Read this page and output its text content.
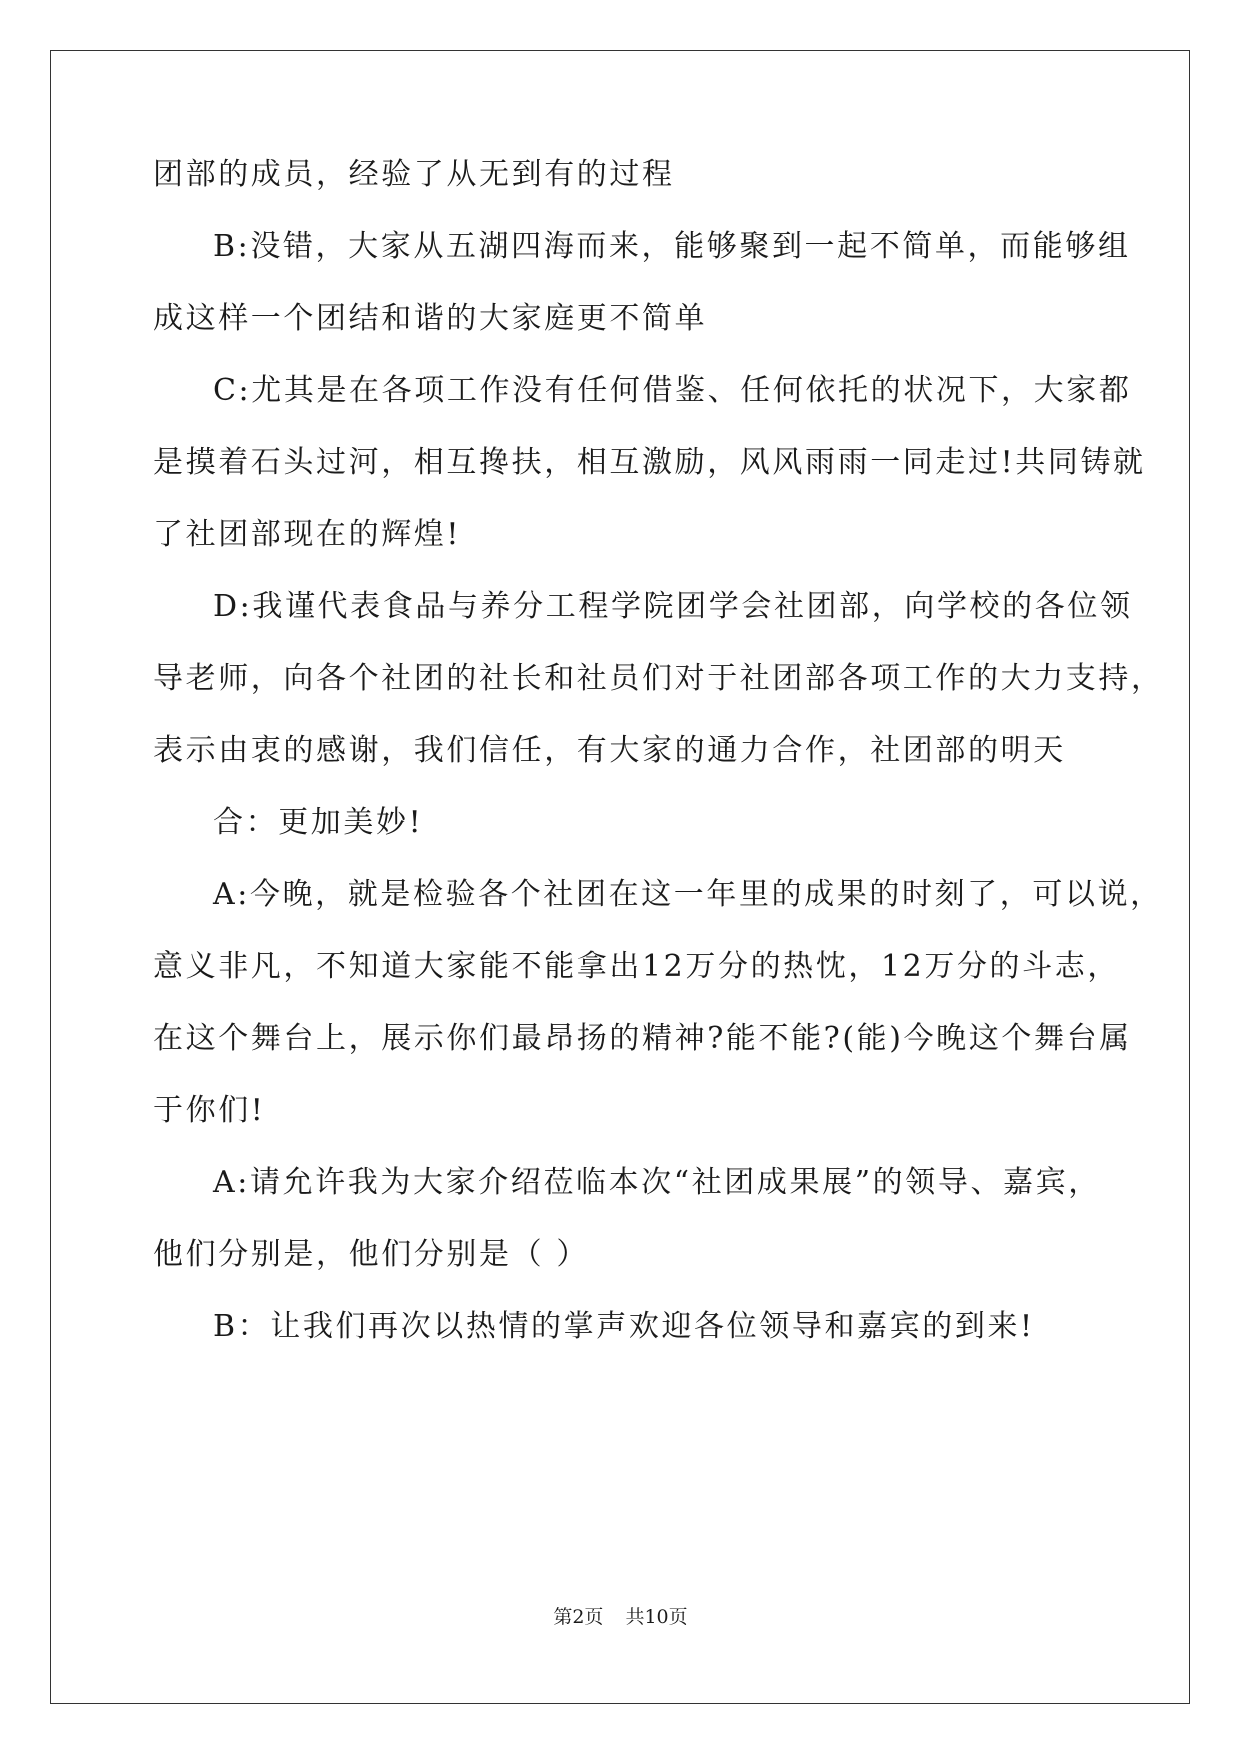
团部的成员，经验了从无到有的过程
B:没错，大家从五湖四海而来，能够聚到一起不简单，而能够组
成这样一个团结和谐的大家庭更不简单
C:尤其是在各项工作没有任何借鉴、任何依托的状况下，大家都
是摸着石头过河，相互搀扶，相互激励，风风雨雨一同走过!共同铸就
了社团部现在的辉煌!
D:我谨代表食品与养分工程学院团学会社团部，向学校的各位领
导老师，向各个社团的社长和社员们对于社团部各项工作的大力支持，
表示由衷的感谢，我们信任，有大家的通力合作，社团部的明天
合：更加美妙!
A:今晚，就是检验各个社团在这一年里的成果的时刻了，可以说，
意义非凡，不知道大家能不能拿出12万分的热忱，12万分的斗志，
在这个舞台上，展示你们最昂扬的精神?能不能?(能)今晚这个舞台属
于你们!
A:请允许我为大家介绍莅临本次“社团成果展”的领导、嘉宾，
他们分别是，他们分别是（ ）
B：让我们再次以热情的掌声欢迎各位领导和嘉宾的到来!
第2页 共10页
